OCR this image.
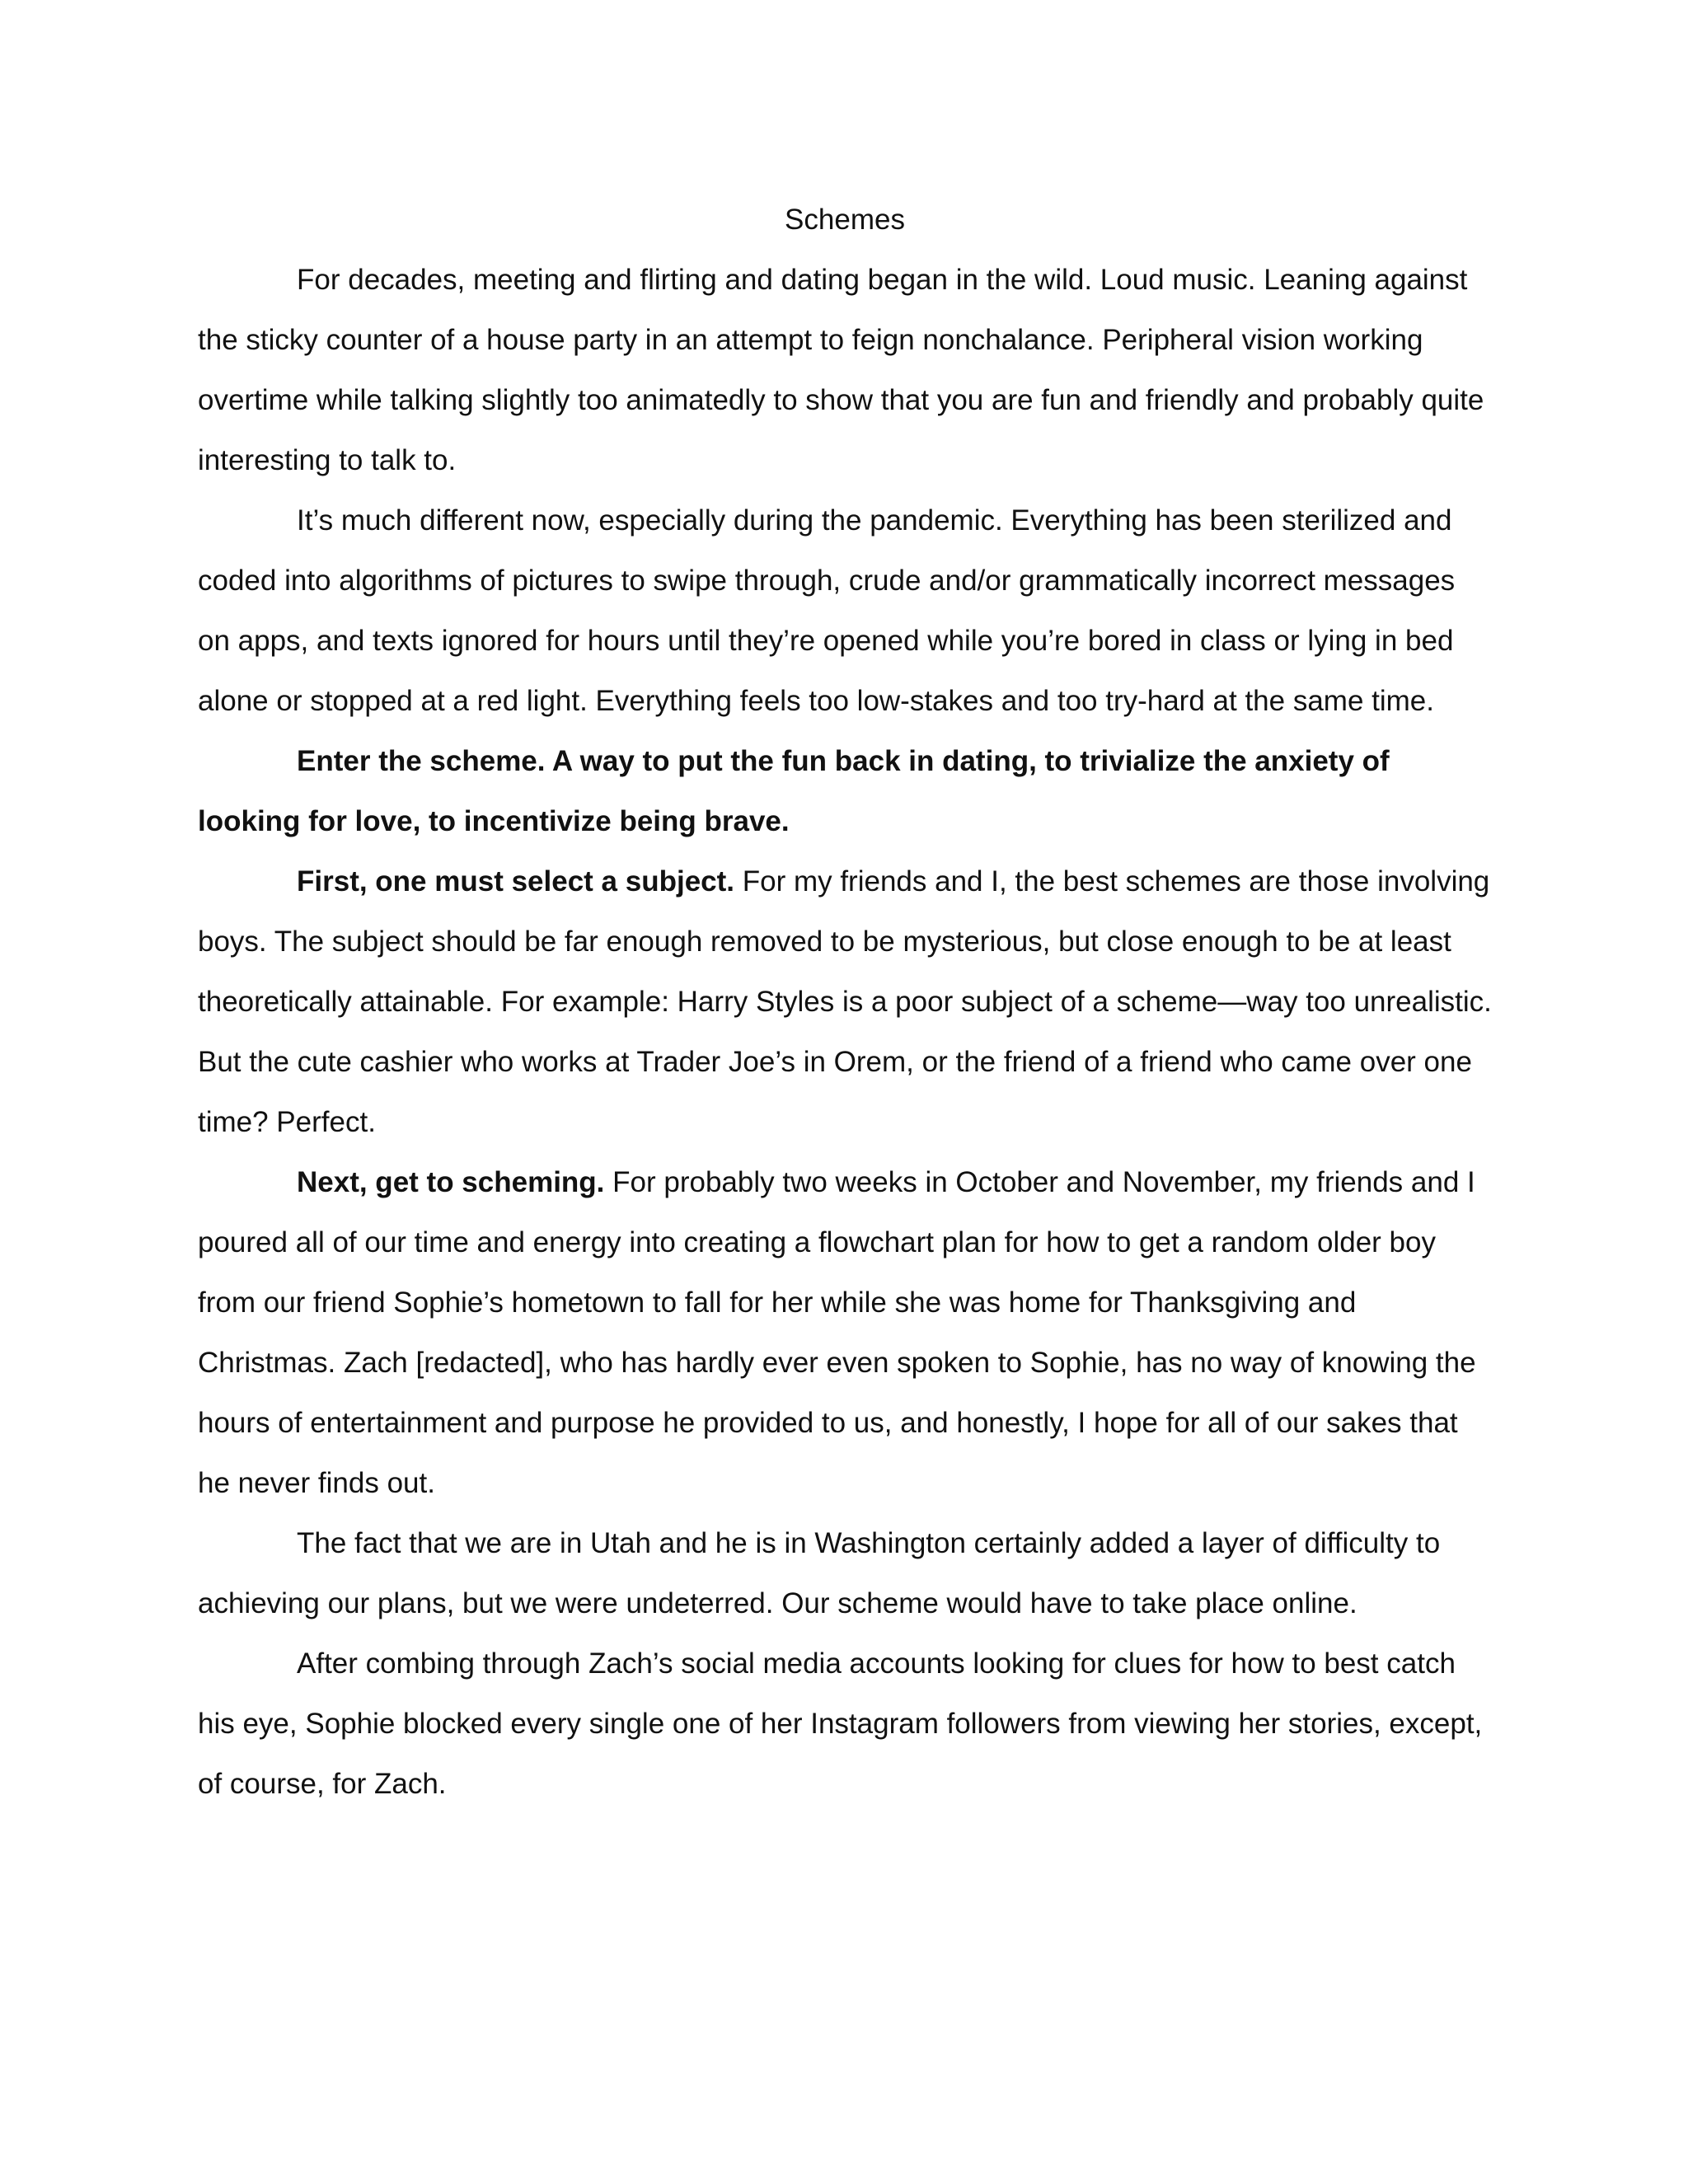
Schemes

For decades, meeting and flirting and dating began in the wild. Loud music. Leaning against the sticky counter of a house party in an attempt to feign nonchalance. Peripheral vision working overtime while talking slightly too animatedly to show that you are fun and friendly and probably quite interesting to talk to.

It’s much different now, especially during the pandemic. Everything has been sterilized and coded into algorithms of pictures to swipe through, crude and/or grammatically incorrect messages on apps, and texts ignored for hours until they’re opened while you’re bored in class or lying in bed alone or stopped at a red light. Everything feels too low-stakes and too try-hard at the same time.

Enter the scheme. A way to put the fun back in dating, to trivialize the anxiety of looking for love, to incentivize being brave.

First, one must select a subject. For my friends and I, the best schemes are those involving boys. The subject should be far enough removed to be mysterious, but close enough to be at least theoretically attainable. For example: Harry Styles is a poor subject of a scheme—way too unrealistic. But the cute cashier who works at Trader Joe’s in Orem, or the friend of a friend who came over one time? Perfect.

Next, get to scheming. For probably two weeks in October and November, my friends and I poured all of our time and energy into creating a flowchart plan for how to get a random older boy from our friend Sophie’s hometown to fall for her while she was home for Thanksgiving and Christmas. Zach [redacted], who has hardly ever even spoken to Sophie, has no way of knowing the hours of entertainment and purpose he provided to us, and honestly, I hope for all of our sakes that he never finds out.

The fact that we are in Utah and he is in Washington certainly added a layer of difficulty to achieving our plans, but we were undeterred. Our scheme would have to take place online.

After combing through Zach’s social media accounts looking for clues for how to best catch his eye, Sophie blocked every single one of her Instagram followers from viewing her stories, except, of course, for Zach.
